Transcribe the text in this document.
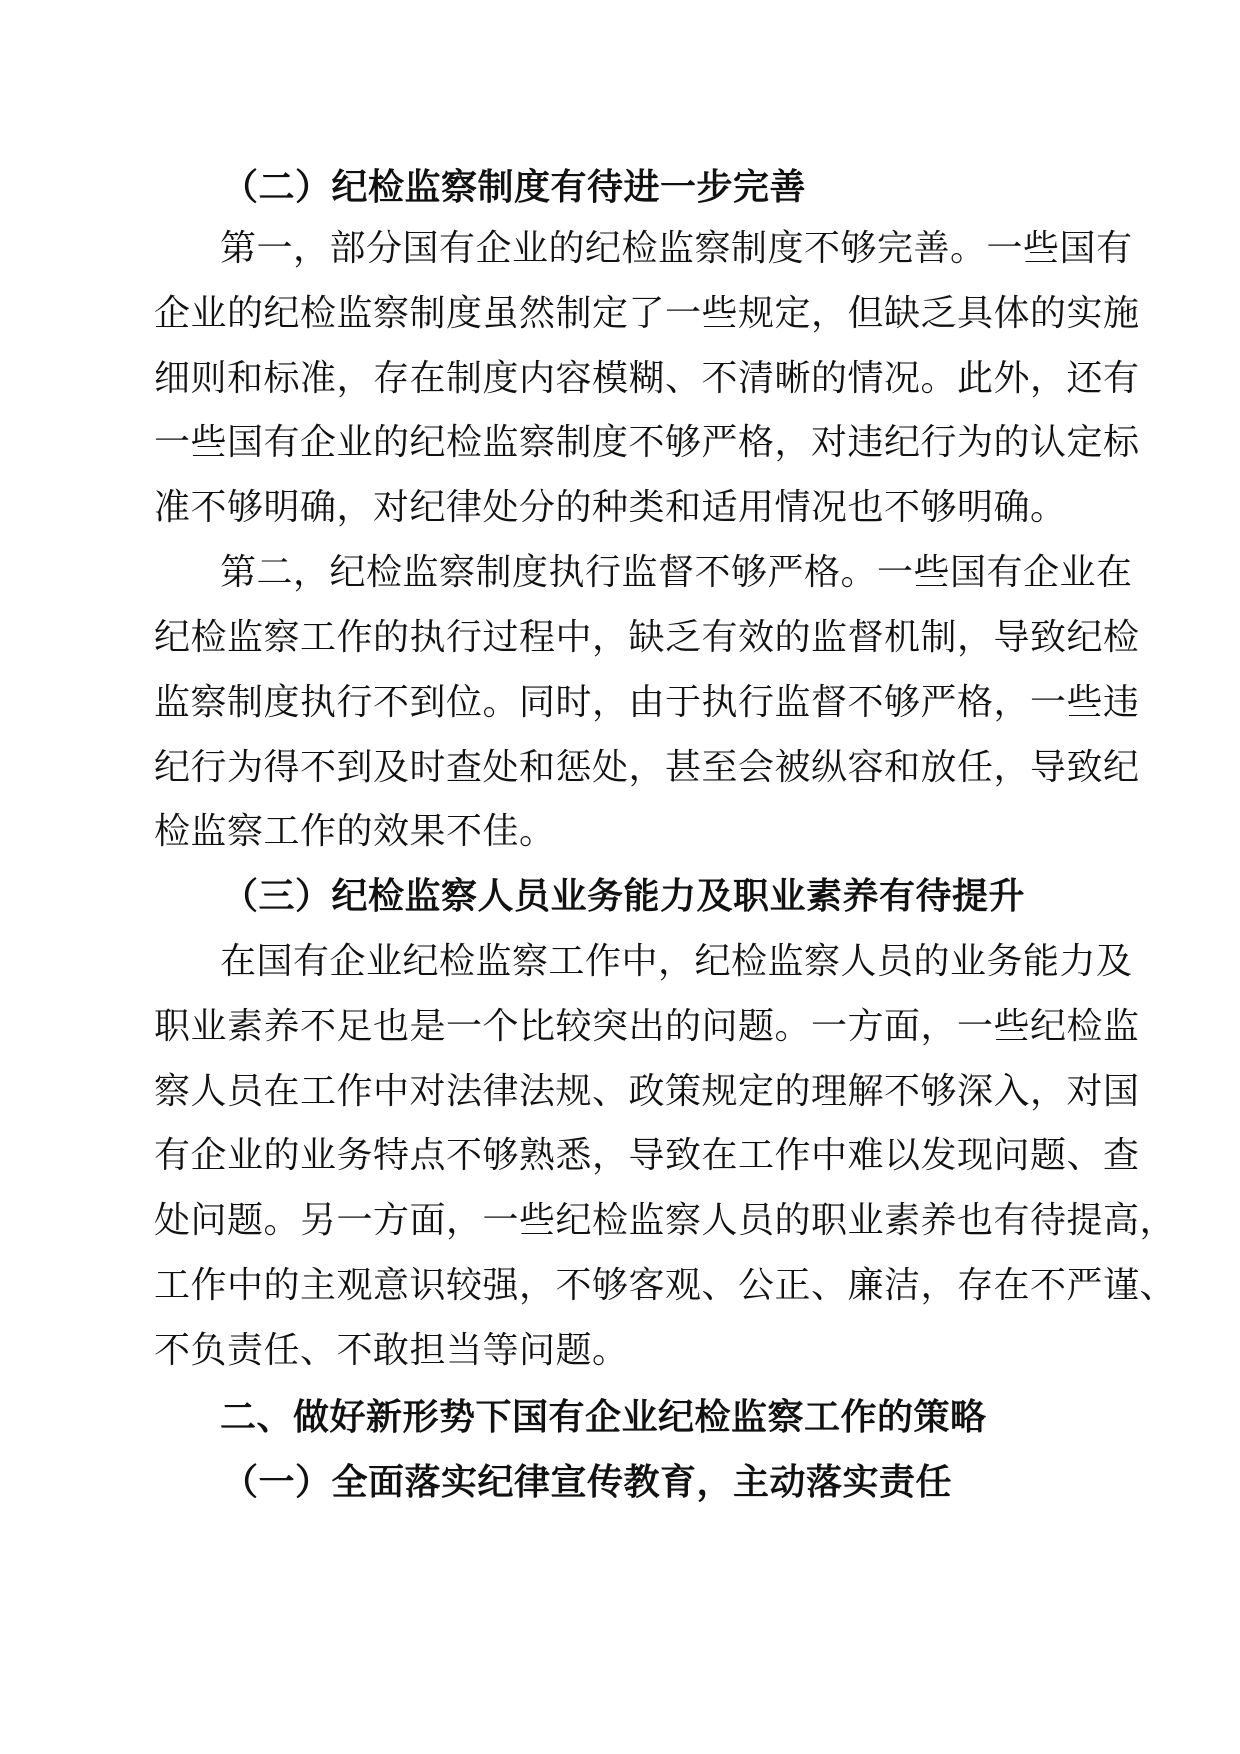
（二）纪检监察制度有待进一步完善
第一，部分国有企业的纪检监察制度不够完善。一些国有
企业的纪检监察制度虽然制定了一些规定，但缺乏具体的实施
细则和标准，存在制度内容模糊、不清晰的情况。此外，还有
一些国有企业的纪检监察制度不够严格，对违纪行为的认定标
准不够明确，对纪律处分的种类和适用情况也不够明确。
第二，纪检监察制度执行监督不够严格。一些国有企业在
纪检监察工作的执行过程中，缺乏有效的监督机制，导致纪检
监察制度执行不到位。同时，由于执行监督不够严格，一些违
纪行为得不到及时查处和惩处，甚至会被纵容和放任，导致纪
检监察工作的效果不佳。
（三）纪检监察人员业务能力及职业素养有待提升
在国有企业纪检监察工作中，纪检监察人员的业务能力及
职业素养不足也是一个比较突出的问题。一方面，一些纪检监
察人员在工作中对法律法规、政策规定的理解不够深入，对国
有企业的业务特点不够熟悉，导致在工作中难以发现问题、查
处问题。另一方面，一些纪检监察人员的职业素养也有待提高，
工作中的主观意识较强，不够客观、公正、廉洁，存在不严谨、
不负责任、不敢担当等问题。
二、做好新形势下国有企业纪检监察工作的策略
（一）全面落实纪律宣传教育，主动落实责任
